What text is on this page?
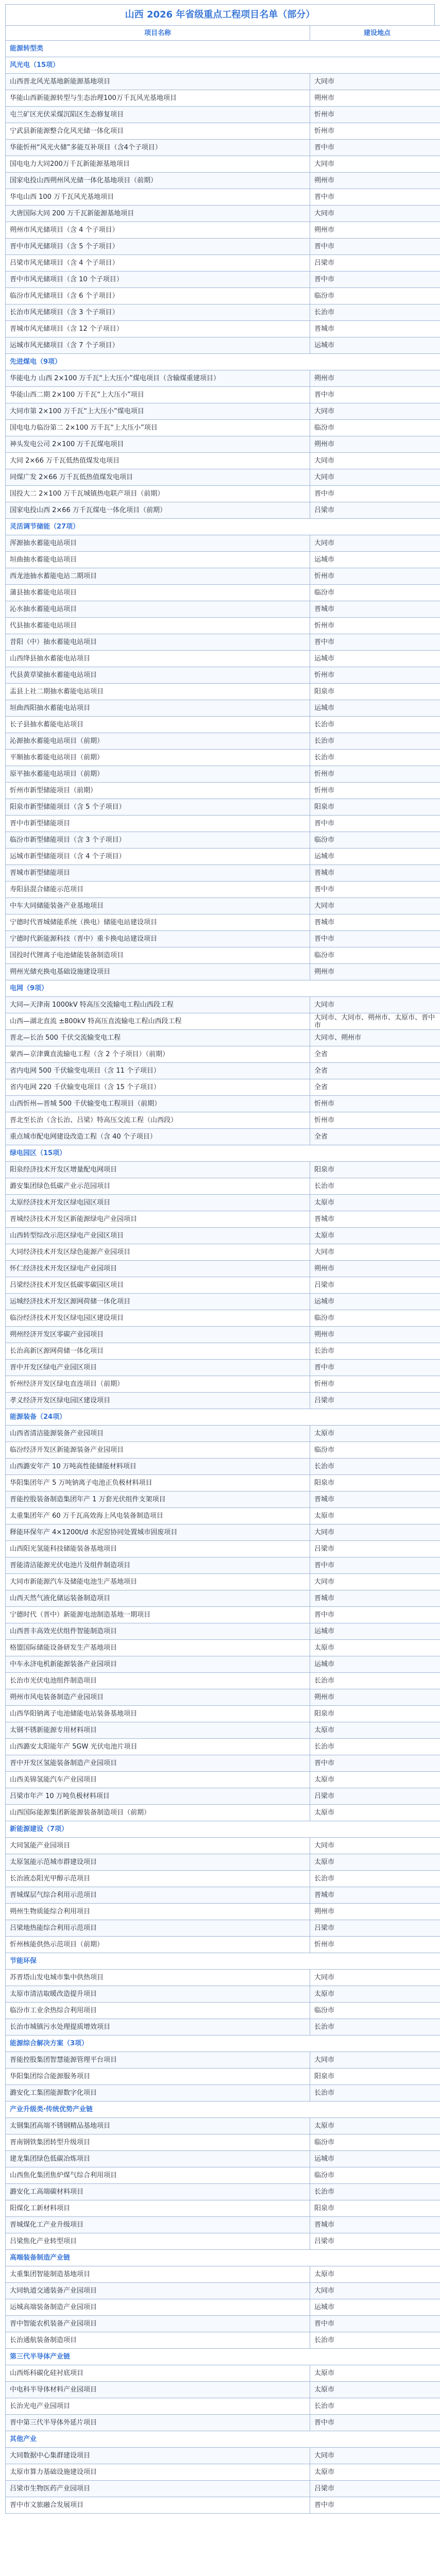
山西 2026 年省级重点工程项目名单（部分）
项目名称	建设地点
能源转型类	
风光电（15项）	
山西晋北风光基地新能源基地项目	大同市
华能山西新能源转型与生态治理100万千瓦风光基地项目	朔州市
屯兰矿区光伏采煤沉陷区生态修复项目	忻州市
宁武县新能源整合化风光储一体化项目	忻州市
华能忻州“风光火储”多能互补项目（含4个子项目）	晋中市
国电电力大同200万千瓦新能源基地项目	大同市
国家电投山西朔州风光储一体化基地项目（前期）	朔州市
华电山西 100 万千瓦风光基地项目	晋中市
大唐国际大同 200 万千瓦新能源基地项目	大同市
朔州市风光储项目（含 4 个子项目）	朔州市
晋中市风光储项目（含 5 个子项目）	晋中市
吕梁市风光储项目（含 4 个子项目）	吕梁市
晋中市风光储项目（含 10 个子项目）	晋中市
临汾市风光储项目（含 6 个子项目）	临汾市
长治市风光储项目（含 3 个子项目）	长治市
晋城市风光储项目（含 12 个子项目）	晋城市
运城市风光储项目（含 7 个子项目）	运城市
先进煤电（9项）	
华能电力 山西 2×100 万千瓦“上大压小”煤电项目（含输煤重建项目）	朔州市
华能山西二期 2×100 万千瓦“上大压小”项目	晋中市
大同市第 2×100 万千瓦“上大压小”煤电项目	大同市
国电电力临汾第二 2×100 万千瓦“上大压小”项目	临汾市
神头发电公司 2×100 万千瓦煤电项目	朔州市
大同 2×66 万千瓦低热值煤发电项目	大同市
同煤广发 2×66 万千瓦低热值煤发电项目	大同市
国投大二 2×100 万千瓦城镇热电联产项目（前期）	晋中市
国家电投山西 2×66 万千瓦煤电一体化项目（前期）	吕梁市
灵活调节储能（27项）	
浑源抽水蓄能电站项目	大同市
垣曲抽水蓄能电站项目	运城市
西龙池抽水蓄能电站二期项目	忻州市
蒲县抽水蓄能电站项目	临汾市
沁水抽水蓄能电站项目	晋城市
代县抽水蓄能电站项目	忻州市
昔阳（中）抽水蓄能电站项目	晋中市
山西绛县抽水蓄能电站项目	运城市
代县黄草梁抽水蓄能电站项目	忻州市
盂县上社二期抽水蓄能电站项目	阳泉市
垣曲西阳抽水蓄能电站项目	运城市
长子县抽水蓄能电站项目	长治市
沁源抽水蓄能电站项目（前期）	长治市
平顺抽水蓄能电站项目（前期）	长治市
原平抽水蓄能电站项目（前期）	忻州市
忻州市新型储能项目（前期）	忻州市
阳泉市新型储能项目（含 5 个子项目）	阳泉市
晋中市新型储能项目	晋中市
临汾市新型储能项目（含 3 个子项目）	临汾市
运城市新型储能项目（含 4 个子项目）	运城市
晋城市新型储能项目	晋城市
寿阳县混合储能示范项目	晋中市
中车大同储能装备产业基地项目	大同市
宁德时代晋城储能系统（换电）储能电站建设项目	晋城市
宁德时代新能源科技（晋中）重卡换电站建设项目	晋中市
国投时代锂离子电池储能装备制造项目	临汾市
朔州光储充换电基础设施建设项目	朔州市
电网（9项）	
大同—天津南 1000kV 特高压交流输电工程山西段工程	大同市
山西—湖北直流 ±800kV 特高压直流输电工程山西段工程	大同市、大同市、朔州市、太原市、晋中市
晋北—长治 500 千伏交流输变电工程	大同市、朔州市
蒙西—京津冀直流输电工程（含 2 个子项目）（前期）	全省
省内电网 500 千伏输变电项目（含 11 个子项目）	全省
省内电网 220 千伏输变电项目（含 15 个子项目）	全省
山西忻州—晋城 500 千伏输变电工程项目（前期）	忻州市
晋北至长治（含长治、吕梁）特高压交流工程（山西段）	忻州市
重点城市配电网建设改造工程（含 40 个子项目）	全省
绿电园区（15项）	
阳泉经济技术开发区增量配电网项目	阳泉市
潞安集团绿色低碳产业示范园项目	长治市
太原经济技术开发区绿电园区项目	太原市
晋城经济技术开发区新能源绿电产业园项目	晋城市
山西转型综改示范区绿电产业园区项目	太原市
大同经济技术开发区绿色能源产业园项目	大同市
怀仁经济技术开发区绿电产业园项目	朔州市
吕梁经济技术开发区低碳零碳园区项目	吕梁市
运城经济技术开发区源网荷储一体化项目	运城市
临汾经济技术开发区绿电园区建设项目	临汾市
朔州经济开发区零碳产业园项目	朔州市
长治高新区源网荷储一体化项目	长治市
晋中开发区绿电产业园区项目	晋中市
忻州经济开发区绿电直连项目（前期）	忻州市
孝义经济开发区绿电园区建设项目	吕梁市
能源装备（24项）	
山西省清洁能源装备产业园项目	太原市
临汾经济开发区新能源装备产业园项目	临汾市
山西潞安年产 10 万吨高性能储能材料项目	长治市
华阳集团年产 5 万吨钠离子电池正负极材料项目	阳泉市
晋能控股装备制造集团年产 1 万套光伏组件支架项目	晋城市
太重集团年产 60 万千瓦高效海上风电装备制造项目	太原市
释能环保年产 4×1200t/d 水泥窑协同处置城市固废项目	大同市
山西阳光氢能科技储能装备基地项目	吕梁市
晋能清洁能源光伏电池片及组件制造项目	晋中市
大同市新能源汽车及储能电池生产基地项目	大同市
山西天然气液化储运装备制造项目	晋城市
宁德时代（晋中）新能源电池制造基地一期项目	晋中市
山西晋丰高效光伏组件智能制造项目	运城市
格盟国际储能设备研发生产基地项目	太原市
中车永济电机新能源装备产业园项目	运城市
长治市光伏电池组件制造项目	长治市
朔州市风电装备制造产业园项目	朔州市
山西华阳钠离子电池储能电站装备基地项目	阳泉市
太钢不锈新能源专用材料项目	太原市
山西潞安太阳能年产 5GW 光伏电池片项目	长治市
晋中开发区氢能装备制造产业园项目	晋中市
山西美锦氢能汽车产业园项目	太原市
吕梁市年产 10 万吨负极材料项目	吕梁市
山西国际能源集团新能源装备制造项目（前期）	太原市
新能源建设（7项）	
大同氢能产业园项目	大同市
太原氢能示范城市群建设项目	太原市
长治液态阳光甲醇示范项目	长治市
晋城煤层气综合利用示范项目	晋城市
朔州生物质能综合利用项目	朔州市
吕梁地热能综合利用示范项目	吕梁市
忻州核能供热示范项目（前期）	忻州市
节能环保	
苏晋塔山发电城市集中供热项目	大同市
太原市清洁取暖改造提升项目	太原市
临汾市工业余热综合利用项目	临汾市
长治市城镇污水处理提质增效项目	长治市
能源综合解决方案（3项）	
晋能控股集团智慧能源管理平台项目	大同市
华阳集团综合能源服务项目	阳泉市
潞安化工集团能源数字化项目	长治市
产业升级类·传统优势产业链	
太钢集团高端不锈钢精品基地项目	太原市
晋南钢铁集团转型升级项目	临汾市
建龙集团绿色低碳冶炼项目	运城市
山西焦化集团焦炉煤气综合利用项目	临汾市
潞安化工高端碳材料项目	长治市
阳煤化工新材料项目	阳泉市
晋城煤化工产业升级项目	晋城市
吕梁焦化产业转型项目	吕梁市
高端装备制造产业链	
太重集团智能制造基地项目	太原市
大同轨道交通装备产业园项目	大同市
运城高端装备制造产业园项目	运城市
晋中智能农机装备产业园项目	晋中市
长治通航装备制造项目	长治市
第三代半导体产业链	
山西烁科碳化硅衬底项目	太原市
中电科半导体材料产业园项目	太原市
长治光电产业园项目	长治市
晋中第三代半导体外延片项目	晋中市
其他产业	
大同数据中心集群建设项目	大同市
太原市算力基础设施建设项目	太原市
吕梁市生物医药产业园项目	吕梁市
晋中市文旅融合发展项目	晋中市
